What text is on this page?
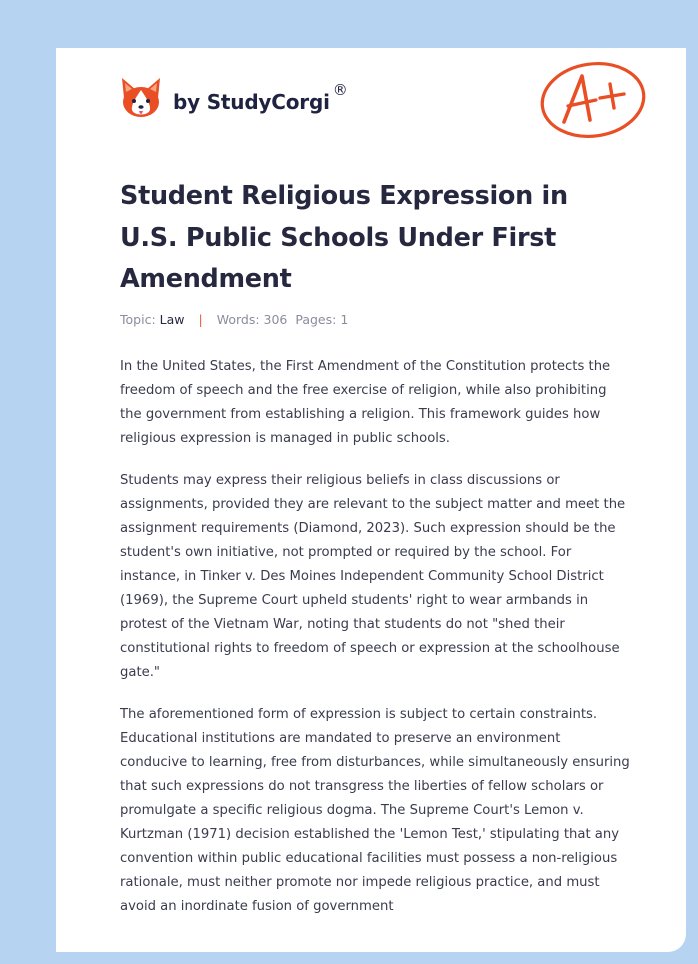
by StudyCorgi ®
Student Religious Expression in U.S. Public Schools Under First Amendment
Topic: Law | Words: 306 Pages: 1

In the United States, the First Amendment of the Constitution protects the freedom of speech and the free exercise of religion, while also prohibiting the government from establishing a religion. This framework guides how religious expression is managed in public schools.

Students may express their religious beliefs in class discussions or assignments, provided they are relevant to the subject matter and meet the assignment requirements (Diamond, 2023). Such expression should be the student's own initiative, not prompted or required by the school. For instance, in Tinker v. Des Moines Independent Community School District (1969), the Supreme Court upheld students' right to wear armbands in protest of the Vietnam War, noting that students do not "shed their constitutional rights to freedom of speech or expression at the schoolhouse gate."

The aforementioned form of expression is subject to certain constraints. Educational institutions are mandated to preserve an environment conducive to learning, free from disturbances, while simultaneously ensuring that such expressions do not transgress the liberties of fellow scholars or promulgate a specific religious dogma. The Supreme Court's Lemon v. Kurtzman (1971) decision established the 'Lemon Test,' stipulating that any convention within public educational facilities must possess a non-religious rationale, must neither promote nor impede religious practice, and must avoid an inordinate fusion of government
